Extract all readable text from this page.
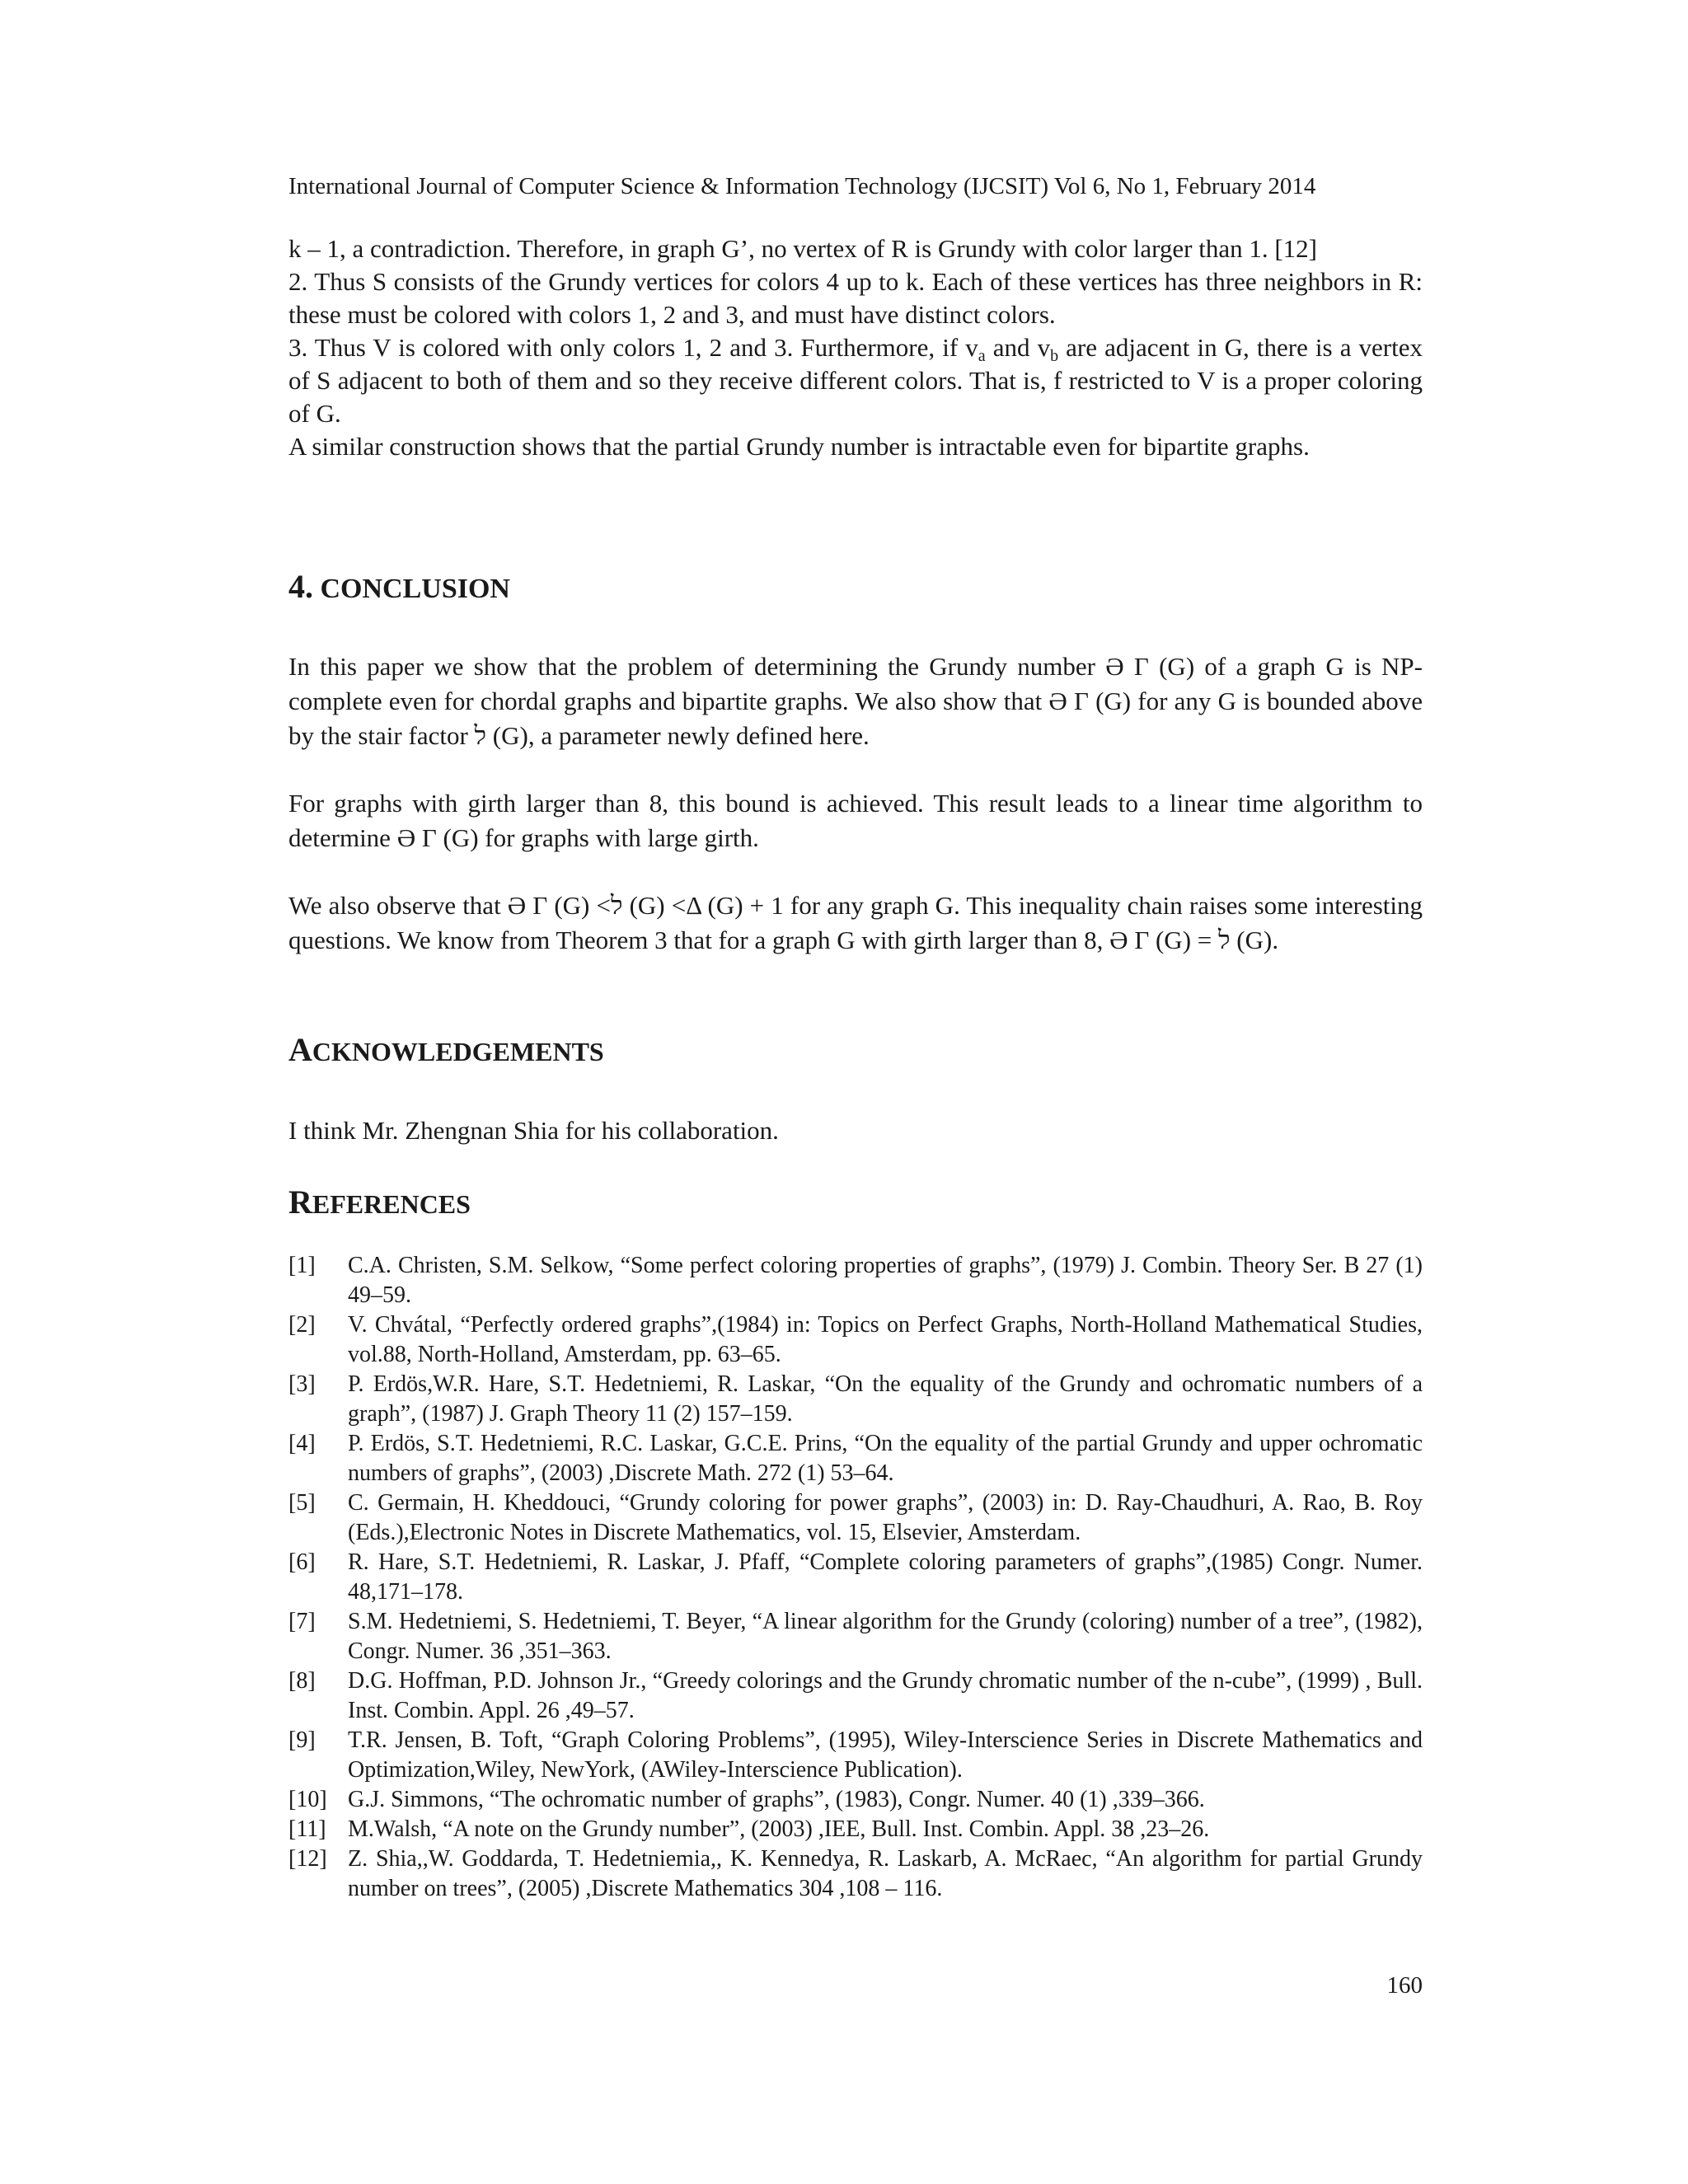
International Journal of Computer Science & Information Technology (IJCSIT) Vol 6, No 1, February 2014

k – 1, a contradiction. Therefore, in graph G’, no vertex of R is Grundy with color larger than 1. [12]

2. Thus S consists of the Grundy vertices for colors 4 up to k. Each of these vertices has three neighbors in R: these must be colored with colors 1, 2 and 3, and must have distinct colors.

3. Thus V is colored with only colors 1, 2 and 3. Furthermore, if $v_a$ and $v_b$ are adjacent in G, there is a vertex of S adjacent to both of them and so they receive different colors. That is, f restricted to V is a proper coloring of G.

A similar construction shows that the partial Grundy number is intractable even for bipartite graphs.

4. CONCLUSION

In this paper we show that the problem of determining the Grundy number Ə Γ (G) of a graph G is NP-complete even for chordal graphs and bipartite graphs. We also show that Ə Γ (G) for any G is bounded above by the stair factor ל (G), a parameter newly defined here.

For graphs with girth larger than 8, this bound is achieved. This result leads to a linear time algorithm to determine Ə Γ (G) for graphs with large girth.

We also observe that Ə Γ (G) <ל (G) <Δ (G) + 1 for any graph G. This inequality chain raises some interesting questions. We know from Theorem 3 that for a graph G with girth larger than 8, Ə Γ (G) = ל (G).

ACKNOWLEDGEMENTS
I think Mr. Zhengnan Shia for his collaboration.
REFERENCES
[1]	C.A. Christen, S.M. Selkow, “Some perfect coloring properties of graphs”, (1979) J. Combin. Theory Ser. B 27 (1) 49–59.
[2]	V. Chvátal, “Perfectly ordered graphs”,(1984) in: Topics on Perfect Graphs, North-Holland Mathematical Studies, vol.88, North-Holland, Amsterdam, pp. 63–65.
[3]	P. Erdös,W.R. Hare, S.T. Hedetniemi, R. Laskar, “On the equality of the Grundy and ochromatic numbers of a graph”, (1987) J. Graph Theory 11 (2) 157–159.
[4]	P. Erdös, S.T. Hedetniemi, R.C. Laskar, G.C.E. Prins, “On the equality of the partial Grundy and upper ochromatic numbers of graphs”, (2003) ,Discrete Math. 272 (1) 53–64.
[5]	C. Germain, H. Kheddouci, “Grundy coloring for power graphs”, (2003) in: D. Ray-Chaudhuri, A. Rao, B. Roy (Eds.),Electronic Notes in Discrete Mathematics, vol. 15, Elsevier, Amsterdam.
[6]	R. Hare, S.T. Hedetniemi, R. Laskar, J. Pfaff, “Complete coloring parameters of graphs”,(1985) Congr. Numer. 48,171–178.
[7]	S.M. Hedetniemi, S. Hedetniemi, T. Beyer, “A linear algorithm for the Grundy (coloring) number of a tree”, (1982), Congr. Numer. 36 ,351–363.
[8]	D.G. Hoffman, P.D. Johnson Jr., “Greedy colorings and the Grundy chromatic number of the n-cube”, (1999) , Bull. Inst. Combin. Appl. 26 ,49–57.
[9]	T.R. Jensen, B. Toft, “Graph Coloring Problems”, (1995), Wiley-Interscience Series in Discrete Mathematics and Optimization,Wiley, NewYork, (AWiley-Interscience Publication).
[10] G.J. Simmons, “The ochromatic number of graphs”, (1983), Congr. Numer. 40 (1) ,339–366.
[11] M.Walsh, “A note on the Grundy number”, (2003) ,IEE, Bull. Inst. Combin. Appl. 38 ,23–26.
[12] Z. Shia,,W. Goddarda, T. Hedetniemia,, K. Kennedya, R. Laskarb, A. McRaec, “An algorithm for partial Grundy number on trees”, (2005) ,Discrete Mathematics 304 ,108 – 116.
160
